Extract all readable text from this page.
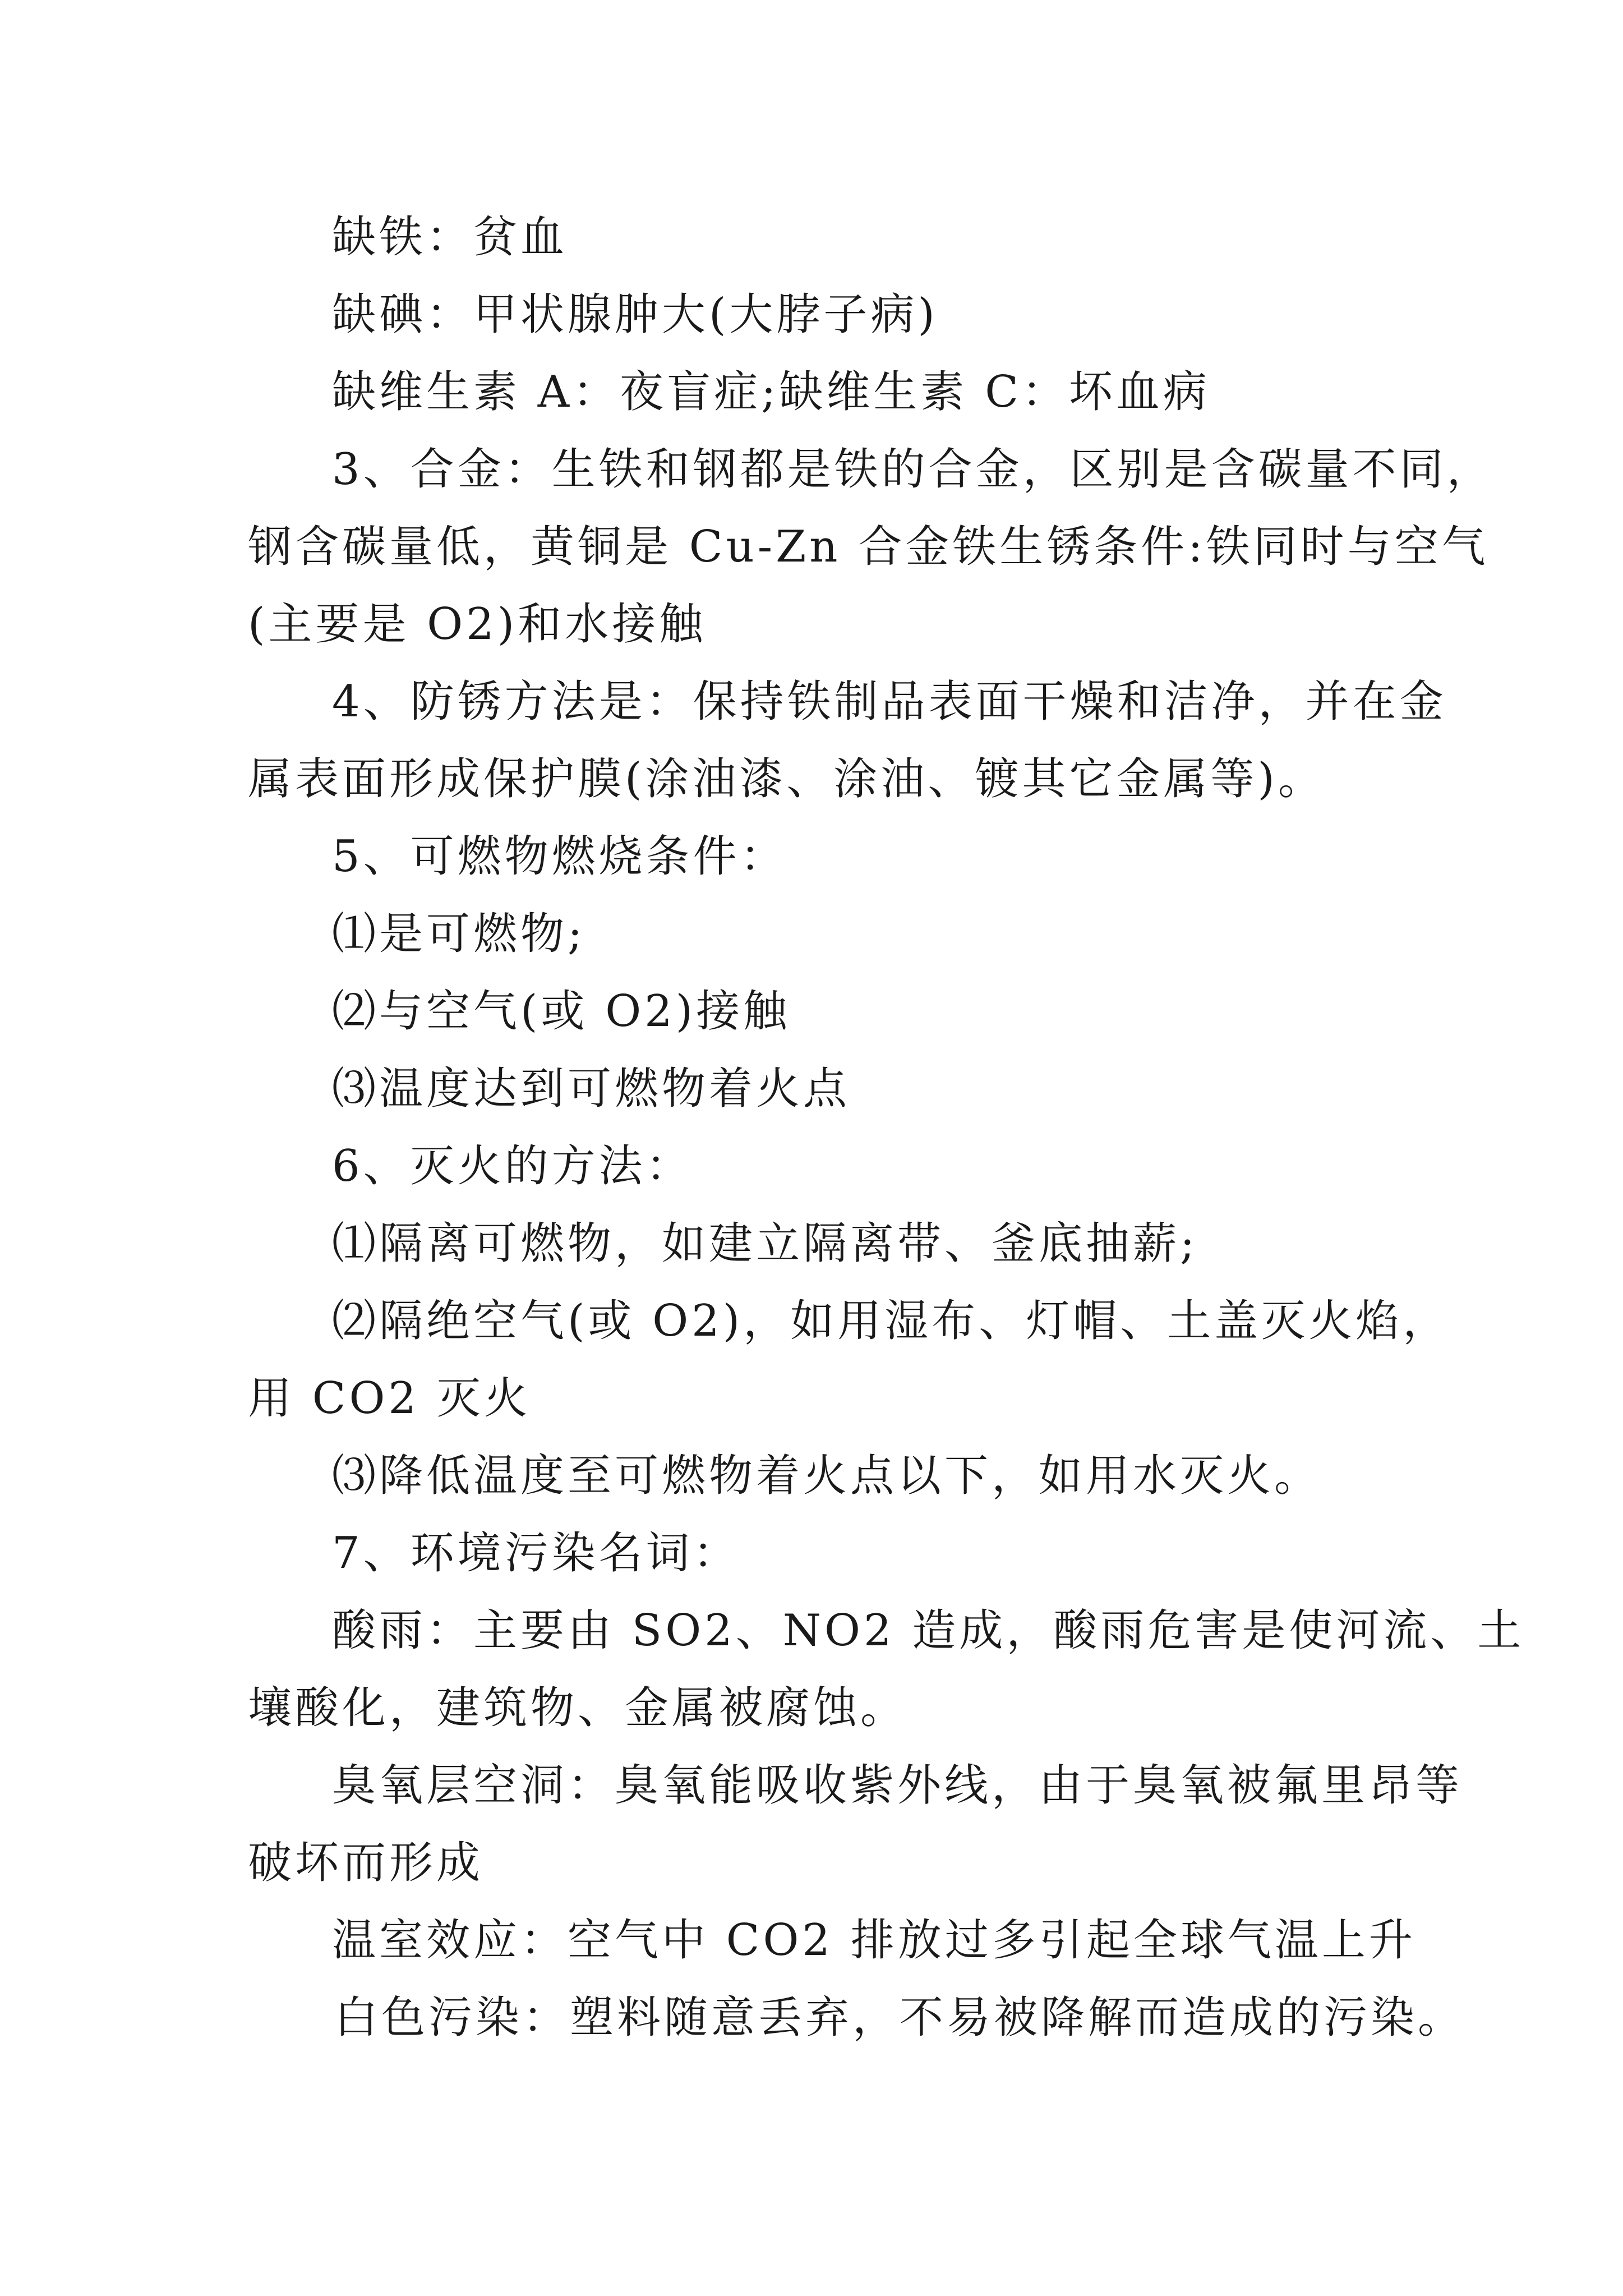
缺铁：贫血
缺碘：甲状腺肿大(大脖子病)
缺维生素 A：夜盲症;缺维生素 C：坏血病
3、合金：生铁和钢都是铁的合金，区别是含碳量不同，
钢含碳量低，黄铜是 Cu-Zn 合金铁生锈条件:铁同时与空气
(主要是 O2)和水接触
4、防锈方法是：保持铁制品表面干燥和洁净，并在金
属表面形成保护膜(涂油漆、涂油、镀其它金属等)。
5、可燃物燃烧条件：
⑴是可燃物;
⑵与空气(或 O2)接触
⑶温度达到可燃物着火点
6、灭火的方法：
⑴隔离可燃物，如建立隔离带、釜底抽薪;
⑵隔绝空气(或 O2)，如用湿布、灯帽、土盖灭火焰，
用 CO2 灭火
⑶降低温度至可燃物着火点以下，如用水灭火。
7、环境污染名词：
酸雨：主要由 SO2、NO2 造成，酸雨危害是使河流、土
壤酸化，建筑物、金属被腐蚀。
臭氧层空洞：臭氧能吸收紫外线，由于臭氧被氟里昂等
破坏而形成
温室效应：空气中 CO2 排放过多引起全球气温上升
白色污染：塑料随意丢弃，不易被降解而造成的污染。
